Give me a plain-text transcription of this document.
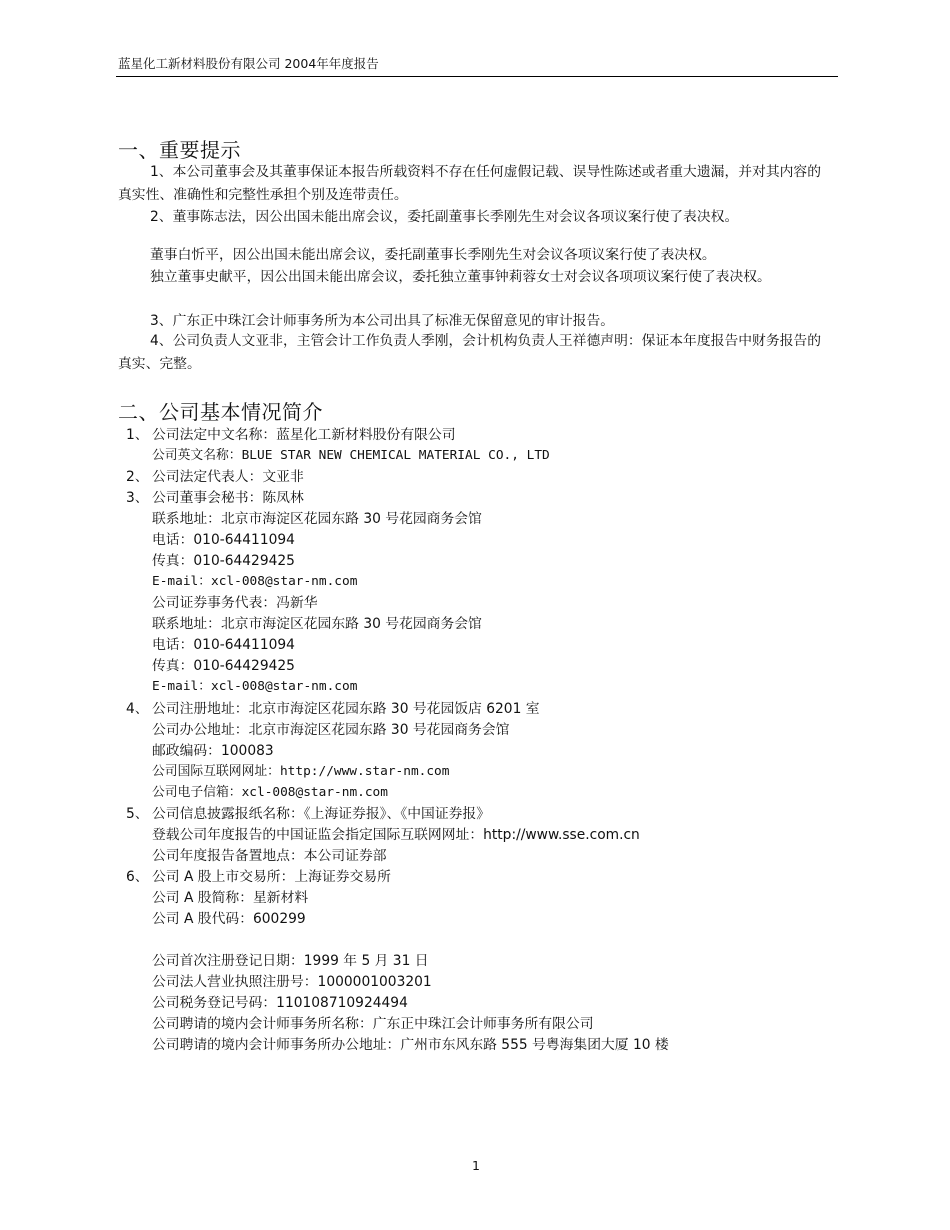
蓝星化工新材料股份有限公司 2004年年度报告
一、重要提示
1、本公司董事会及其董事保证本报告所载资料不存在任何虚假记载、误导性陈述或者重大遗漏，并对其内容的真实性、准确性和完整性承担个别及连带责任。
2、董事陈志法，因公出国未能出席会议，委托副董事长季刚先生对会议各项议案行使了表决权。
董事白忻平，因公出国未能出席会议，委托副董事长季刚先生对会议各项议案行使了表决权。
独立董事史献平，因公出国未能出席会议，委托独立董事钟莉蓉女士对会议各项项议案行使了表决权。
3、广东正中珠江会计师事务所为本公司出具了标准无保留意见的审计报告。
4、公司负责人文亚非，主管会计工作负责人季刚，会计机构负责人王祥德声明：保证本年度报告中财务报告的真实、完整。
二、公司基本情况简介
1、 公司法定中文名称：蓝星化工新材料股份有限公司
公司英文名称：BLUE STAR NEW CHEMICAL MATERIAL CO., LTD
2、 公司法定代表人：文亚非
3、 公司董事会秘书：陈凤林
联系地址：北京市海淀区花园东路 30 号花园商务会馆
电话：010-64411094
传真：010-64429425
E-mail：xcl-008@star-nm.com
公司证券事务代表：冯新华
联系地址：北京市海淀区花园东路 30 号花园商务会馆
电话：010-64411094
传真：010-64429425
E-mail：xcl-008@star-nm.com
4、 公司注册地址：北京市海淀区花园东路 30 号花园饭店 6201 室
公司办公地址：北京市海淀区花园东路 30 号花园商务会馆
邮政编码：100083
公司国际互联网网址：http://www.star-nm.com
公司电子信箱：xcl-008@star-nm.com
5、 公司信息披露报纸名称：《上海证券报》、《中国证券报》
登载公司年度报告的中国证监会指定国际互联网网址：http://www.sse.com.cn
公司年度报告备置地点：本公司证券部
6、 公司 A 股上市交易所：上海证券交易所
公司 A 股简称：星新材料
公司 A 股代码：600299
公司首次注册登记日期：1999 年 5 月 31 日
公司法人营业执照注册号：1000001003201
公司税务登记号码：110108710924494
公司聘请的境内会计师事务所名称：广东正中珠江会计师事务所有限公司
公司聘请的境内会计师事务所办公地址：广州市东风东路 555 号粤海集团大厦 10 楼
1
